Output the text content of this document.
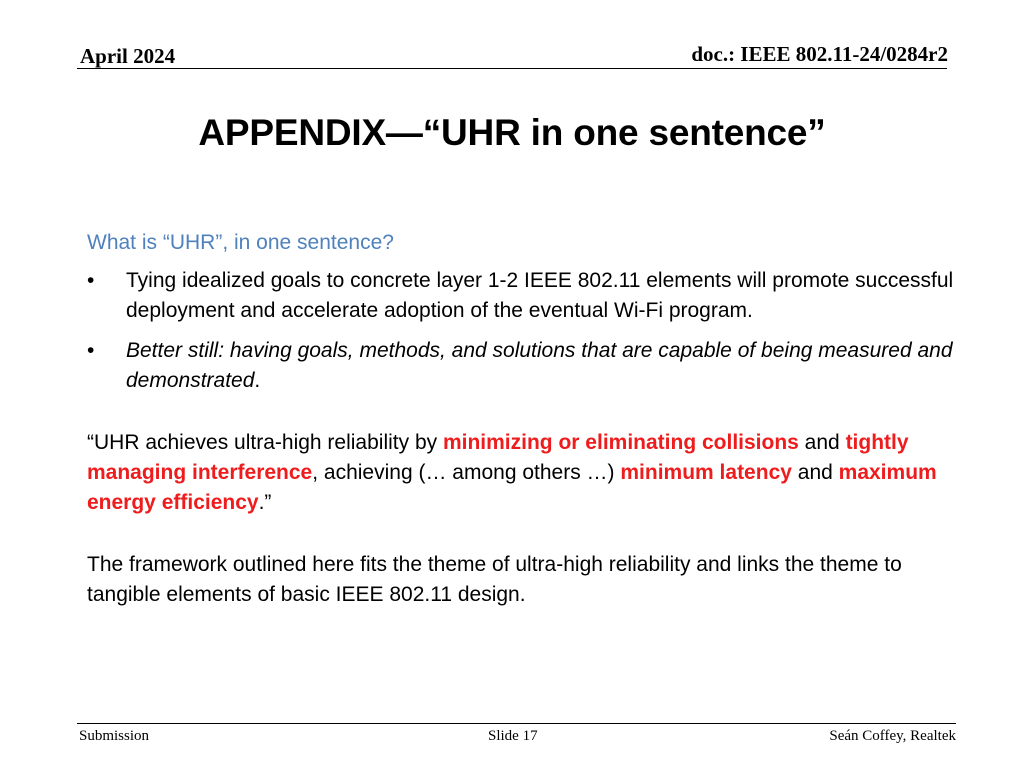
April 2024	doc.: IEEE 802.11-24/0284r2
APPENDIX—“UHR in one sentence”
What is “UHR”, in one sentence?
• Tying idealized goals to concrete layer 1-2 IEEE 802.11 elements will promote successful deployment and accelerate adoption of the eventual Wi-Fi program.
• Better still: having goals, methods, and solutions that are capable of being measured and demonstrated.
“UHR achieves ultra-high reliability by minimizing or eliminating collisions and tightly managing interference, achieving (… among others …) minimum latency and maximum energy efficiency.”
The framework outlined here fits the theme of ultra-high reliability and links the theme to tangible elements of basic IEEE 802.11 design.
Submission	Slide 17	Seán Coffey, Realtek
